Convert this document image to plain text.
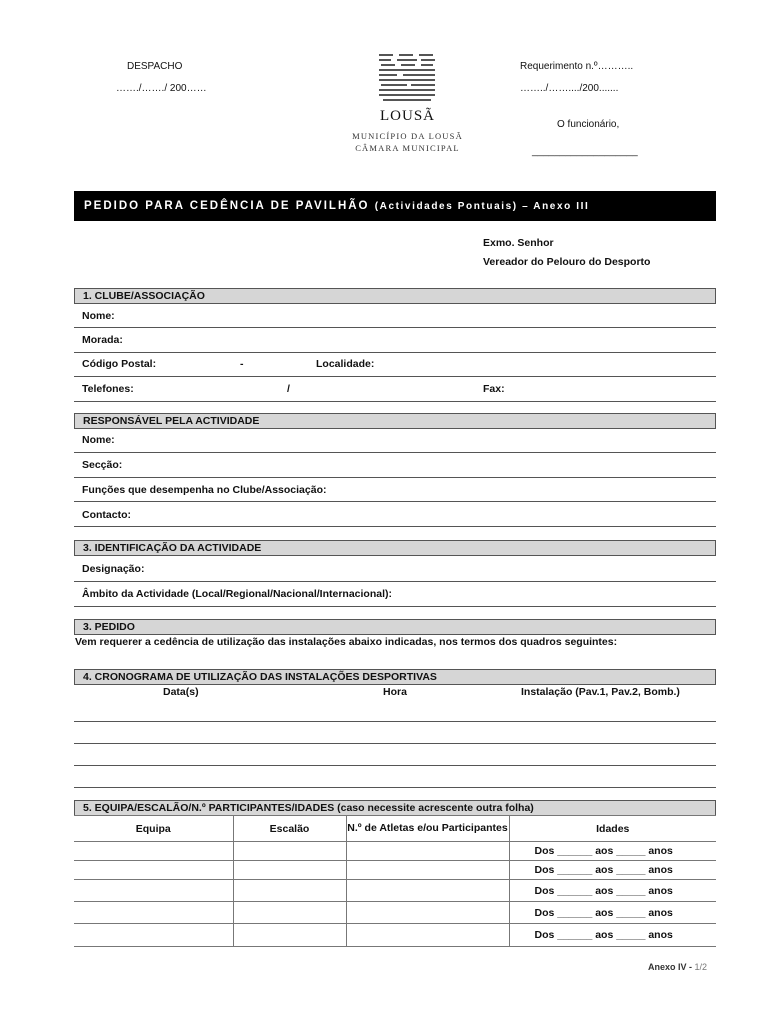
DESPACHO
……./……./ 200……
LOUSÃ
MUNICÍPIO DA LOUSÃ
CÂMARA MUNICIPAL
Requerimento n.º………..
……../……..../200.......
O funcionário,
___________________
PEDIDO PARA CEDÊNCIA DE PAVILHÃO (Actividades Pontuais) – Anexo III
Exmo. Senhor
Vereador do Pelouro do Desporto
1. CLUBE/ASSOCIAÇÃO
Nome:
Morada:
Código Postal:	-	Localidade:
Telefones:	/	Fax:
RESPONSÁVEL PELA ACTIVIDADE
Nome:
Secção:
Funções que desempenha no Clube/Associação:
Contacto:
3. IDENTIFICAÇÃO DA ACTIVIDADE
Designação:
Âmbito da Actividade (Local/Regional/Nacional/Internacional):
3. PEDIDO
Vem requerer a cedência de utilização das instalações abaixo indicadas, nos termos dos quadros seguintes:
4. CRONOGRAMA DE UTILIZAÇÃO DAS INSTALAÇÕES DESPORTIVAS
Data(s)	Hora	Instalação (Pav.1, Pav.2, Bomb.)
5. EQUIPA/ESCALÃO/N.º PARTICIPANTES/IDADES (caso necessite acrescente outra folha)
Equipa	Escalão	N.º de Atletas e/ou Participantes	Idades
			Dos ______ aos _____ anos
			Dos ______ aos _____ anos
			Dos ______ aos _____ anos
			Dos ______ aos _____ anos
			Dos ______ aos _____ anos
Anexo IV - 1/2
